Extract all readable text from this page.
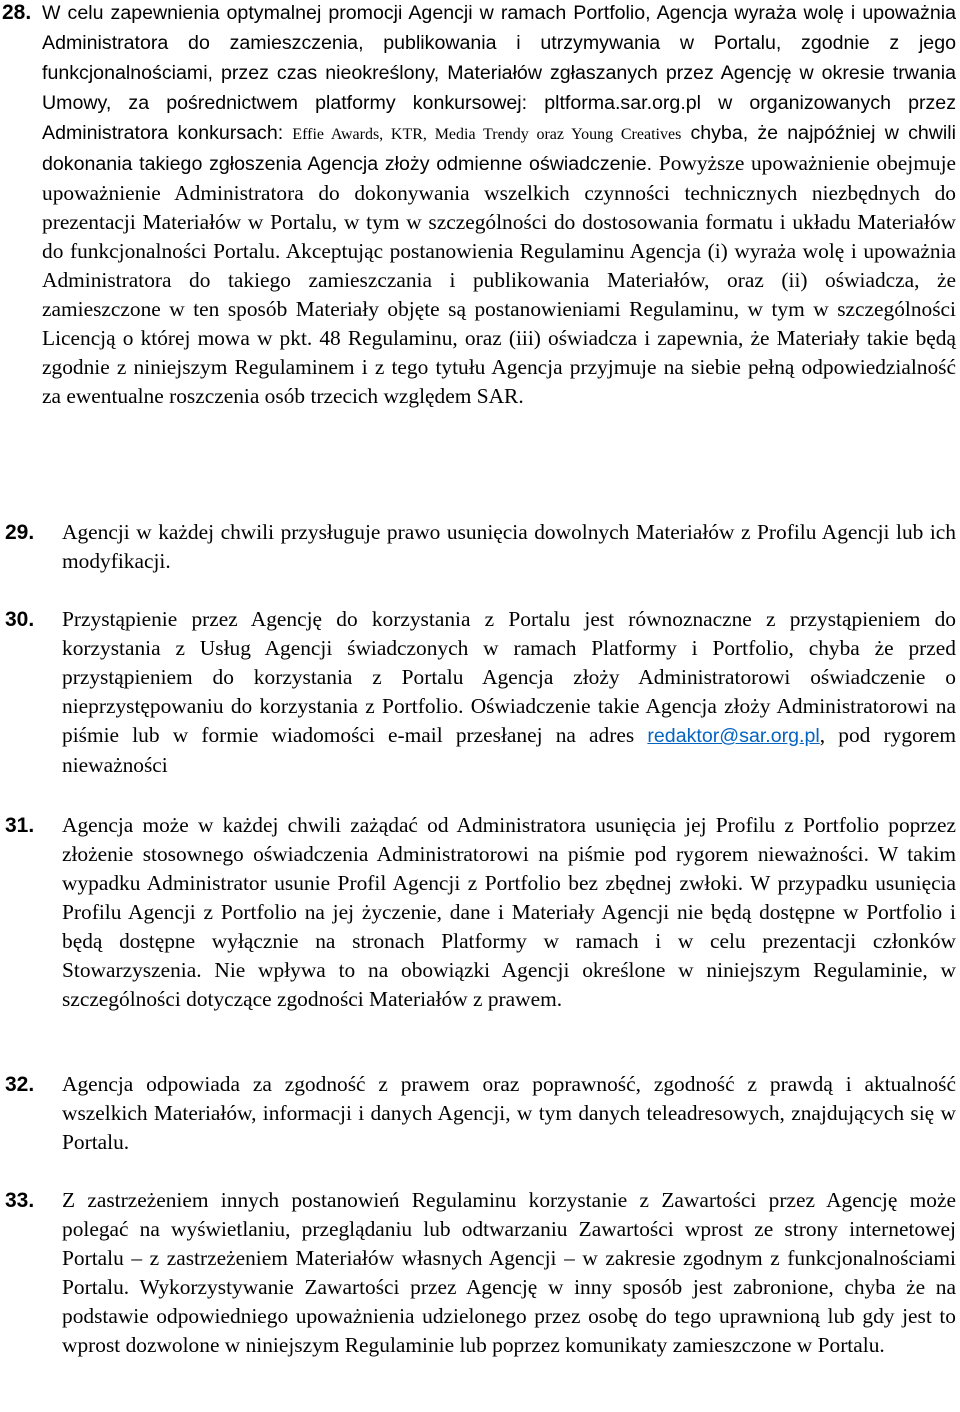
28. W celu zapewnienia optymalnej promocji Agencji w ramach Portfolio, Agencja wyraża wolę i upoważnia Administratora do zamieszczenia, publikowania i utrzymywania w Portalu, zgodnie z jego funkcjonalnościami, przez czas nieokreślony, Materiałów zgłaszanych przez Agencję w okresie trwania Umowy, za pośrednictwem platformy konkursowej: pltforma.sar.org.pl w organizowanych przez Administratora konkursach: Effie Awards, KTR, Media Trendy oraz Young Creatives chyba, że najpóźniej w chwili dokonania takiego zgłoszenia Agencja złoży odmienne oświadczenie. Powyższe upoważnienie obejmuje upoważnienie Administratora do dokonywania wszelkich czynności technicznych niezbędnych do prezentacji Materiałów w Portalu, w tym w szczególności do dostosowania formatu i układu Materiałów do funkcjonalności Portalu. Akceptując postanowienia Regulaminu Agencja (i) wyraża wolę i upoważnia Administratora do takiego zamieszczania i publikowania Materiałów, oraz (ii) oświadcza, że zamieszczone w ten sposób Materiały objęte są postanowieniami Regulaminu, w tym w szczególności Licencją o której mowa w pkt. 48 Regulaminu, oraz (iii) oświadcza i zapewnia, że Materiały takie będą zgodnie z niniejszym Regulaminem i z tego tytułu Agencja przyjmuje na siebie pełną odpowiedzialność za ewentualne roszczenia osób trzecich względem SAR.
29. Agencji w każdej chwili przysługuje prawo usunięcia dowolnych Materiałów z Profilu Agencji lub ich modyfikacji.
30. Przystąpienie przez Agencję do korzystania z Portalu jest równoznaczne z przystąpieniem do korzystania z Usług Agencji świadczonych w ramach Platformy i Portfolio, chyba że przed przystąpieniem do korzystania z Portalu Agencja złoży Administratorowi oświadczenie o nieprzystępowaniu do korzystania z Portfolio. Oświadczenie takie Agencja złoży Administratorowi na piśmie lub w formie wiadomości e-mail przesłanej na adres redaktor@sar.org.pl, pod rygorem nieważności
31. Agencja może w każdej chwili zażądać od Administratora usunięcia jej Profilu z Portfolio poprzez złożenie stosownego oświadczenia Administratorowi na piśmie pod rygorem nieważności. W takim wypadku Administrator usunie Profil Agencji z Portfolio bez zbędnej zwłoki. W przypadku usunięcia Profilu Agencji z Portfolio na jej życzenie, dane i Materiały Agencji nie będą dostępne w Portfolio i będą dostępne wyłącznie na stronach Platformy w ramach i w celu prezentacji członków Stowarzyszenia. Nie wpływa to na obowiązki Agencji określone w niniejszym Regulaminie, w szczególności dotyczące zgodności Materiałów z prawem.
32. Agencja odpowiada za zgodność z prawem oraz poprawność, zgodność z prawdą i aktualność wszelkich Materiałów, informacji i danych Agencji, w tym danych teleadresowych, znajdujących się w Portalu.
33. Z zastrzeżeniem innych postanowień Regulaminu korzystanie z Zawartości przez Agencję może polegać na wyświetlaniu, przeglądaniu lub odtwarzaniu Zawartości wprost ze strony internetowej Portalu – z zastrzeżeniem Materiałów własnych Agencji – w zakresie zgodnym z funkcjonalnościami Portalu. Wykorzystywanie Zawartości przez Agencję w inny sposób jest zabronione, chyba że na podstawie odpowiedniego upoważnienia udzielonego przez osobę do tego uprawnioną lub gdy jest to wprost dozwolone w niniejszym Regulaminie lub poprzez komunikaty zamieszczone w Portalu.
